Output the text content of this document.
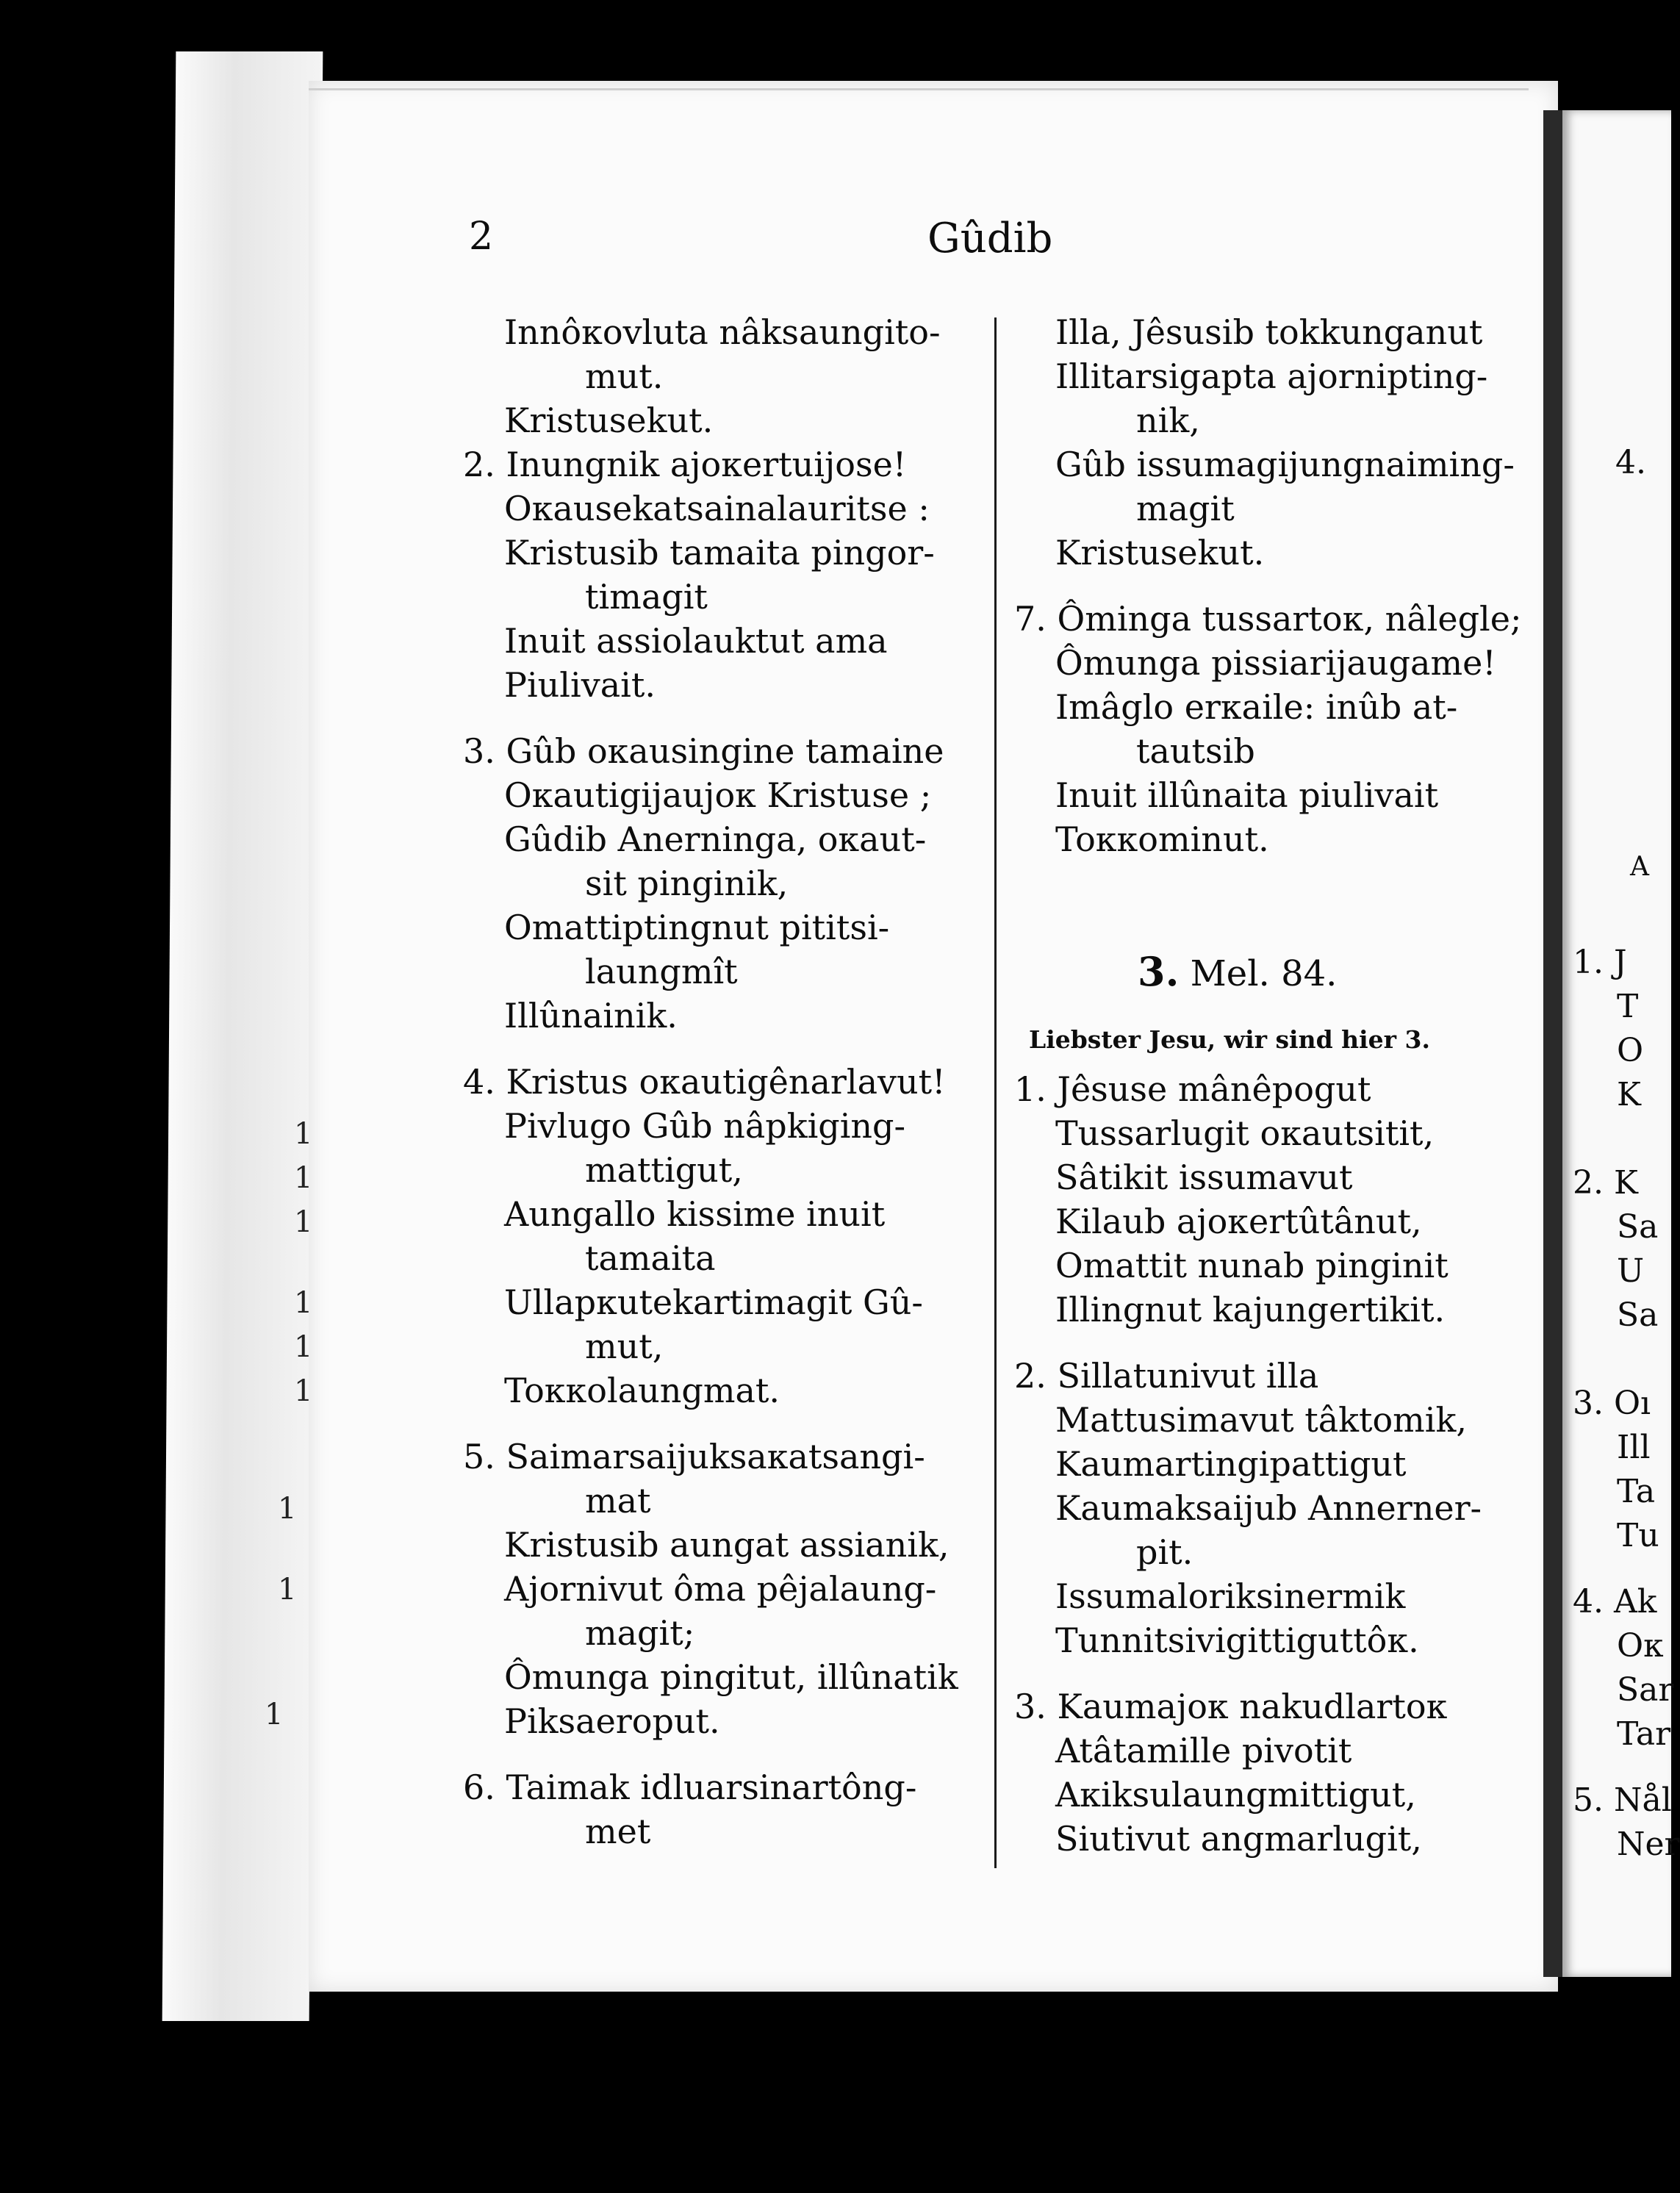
2	Gûdib
Innôкovluta nâksaungito-
mut.
Kristusekut.
2. Inungnik ajoкertuijose!
Oкausekatsainalauritse :
Kristusib tamaita pingor-
timagit
Inuit assiolauktut ama
Piulivait.
3. Gûb oкausingine tamaine
Oкautigijaujoк Kristuse ;
Gûdib Anerninga, oкaut-
sit pinginik,
Omattiptingnut pititsi-
laungmît
Illûnainik.
4. Kristus oкautigênarlavut!
Pivlugo Gûb nâpkiging-
mattigut,
Aungallo kissime inuit
tamaita
Ullapкutekartimagit Gû-
mut,
Toккolaungmat.
5. Saimarsaijuksaкatsangi-
mat
Kristusib aungat assianik,
Ajornivut ôma pêjalaung-
magit;
Ômunga pingitut, illûnatik
Piksaeroput.
6. Taimak idluarsinartông-
met
Illa, Jêsusib tokkunganut
Illitarsigapta ajornipting-
nik,
Gûb issumagijungnaiming-
magit
Kristusekut.
7. Ôminga tussartoк, nâlegle;
Ômunga pissiarijaugame!
Imâglo erкaile: inûb at-
tautsib
Inuit illûnaita piulivait
Toккominut.
3. Mel. 84.
Liebster Jesu, wir sind hier 3.
1. Jêsuse mânêpogut
Tussarlugit oкautsitit,
Sâtikit issumavut
Kilaub ajoкertûtânut,
Omattit nunab pinginit
Illingnut kajungertikit.
2. Sillatunivut illa
Mattusimavut tâktomik,
Kaumartingipattigut
Kaumaksaijub Annerner-
pit.
Issumaloriksinermik
Tunnitsivigittiguttôк.
3. Kaumajoк nakudlartoк
Atâtamille pivotit
Aкiksulaungmittigut,
Siutivut angmarlugit,
4.
A
1. J
T
O
K
2. K
Sa
U
Sa
3. Oı
Ill
Ta
Tu
4. Ak
Oк
Sar
Tar
5. Nål
Ner
1
1
1
1
1
1
1
1
1
